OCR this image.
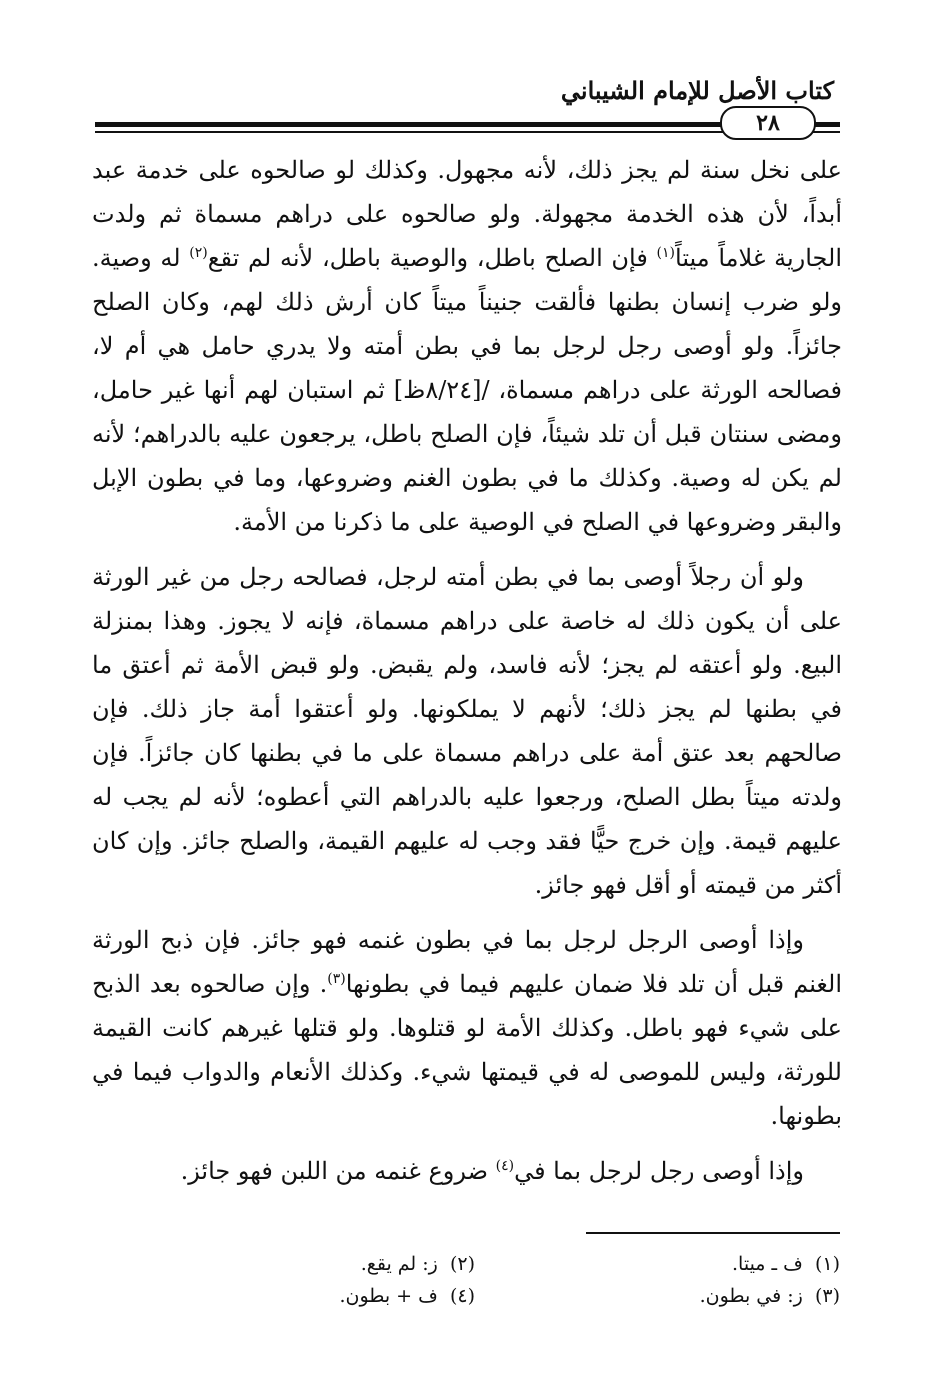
كتاب الأصل للإمام الشيباني
٢٨

على نخل سنة لم يجز ذلك، لأنه مجهول. وكذلك لو صالحوه على خدمة عبد أبداً، لأن هذه الخدمة مجهولة. ولو صالحوه على دراهم مسماة ثم ولدت الجارية غلاماً ميتاً$^{(١)}$ فإن الصلح باطل، والوصية باطل، لأنه لم تقع$^{(٢)}$ له وصية. ولو ضرب إنسان بطنها فألقت جنيناً ميتاً كان أرش ذلك لهم، وكان الصلح جائزاً. ولو أوصى رجل لرجل بما في بطن أمته ولا يدري حامل هي أم لا، فصالحه الورثة على دراهم مسماة، /[٨/٢٤ظ] ثم استبان لهم أنها غير حامل، ومضى سنتان قبل أن تلد شيئاً، فإن الصلح باطل، يرجعون عليه بالدراهم؛ لأنه لم يكن له وصية. وكذلك ما في بطون الغنم وضروعها، وما في بطون الإبل والبقر وضروعها في الصلح في الوصية على ما ذكرنا من الأمة.

ولو أن رجلاً أوصى بما في بطن أمته لرجل، فصالحه رجل من غير الورثة على أن يكون ذلك له خاصة على دراهم مسماة، فإنه لا يجوز. وهذا بمنزلة البيع. ولو أعتقه لم يجز؛ لأنه فاسد، ولم يقبض. ولو قبض الأمة ثم أعتق ما في بطنها لم يجز ذلك؛ لأنهم لا يملكونها. ولو أعتقوا أمة جاز ذلك. فإن صالحهم بعد عتق أمة على دراهم مسماة على ما في بطنها كان جائزاً. فإن ولدته ميتاً بطل الصلح، ورجعوا عليه بالدراهم التي أعطوه؛ لأنه لم يجب له عليهم قيمة. وإن خرج حيًّا فقد وجب له عليهم القيمة، والصلح جائز. وإن كان أكثر من قيمته أو أقل فهو جائز.

وإذا أوصى الرجل لرجل بما في بطون غنمه فهو جائز. فإن ذبح الورثة الغنم قبل أن تلد فلا ضمان عليهم فيما في بطونها$^{(٣)}$. وإن صالحوه بعد الذبح على شيء فهو باطل. وكذلك الأمة لو قتلوها. ولو قتلها غيرهم كانت القيمة للورثة، وليس للموصى له في قيمتها شيء. وكذلك الأنعام والدواب فيما في بطونها.

وإذا أوصى رجل لرجل بما في$^{(٤)}$ ضروع غنمه من اللبن فهو جائز.

(١)  ف ـ ميتا.
(٢)  ز: لم يقع.
(٣)  ز: في بطون.
(٤)  ف + بطون.
